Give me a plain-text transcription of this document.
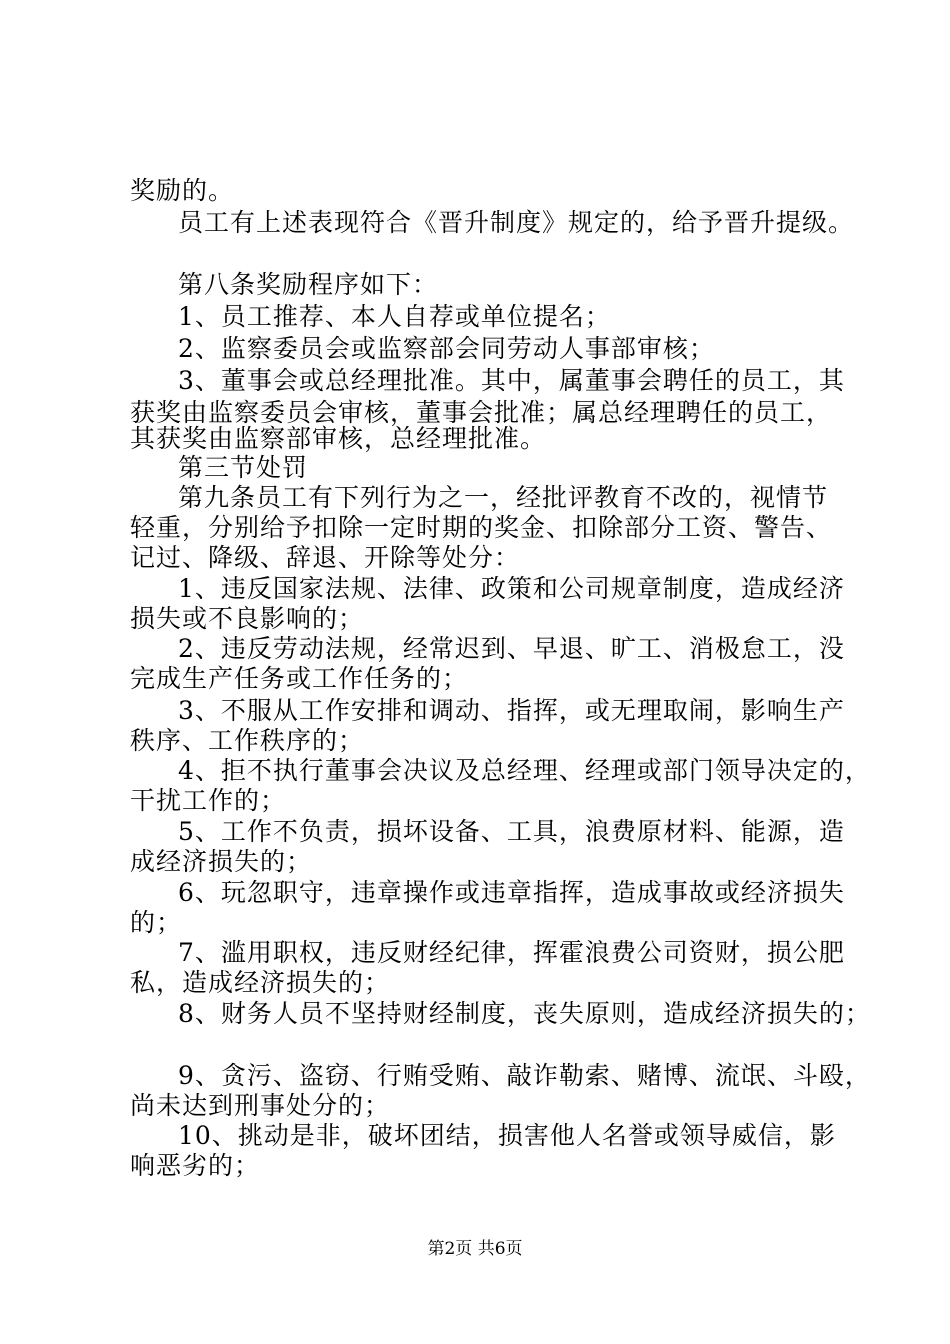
奖励的。
员工有上述表现符合《晋升制度》规定的，给予晋升提级。
第八条奖励程序如下：
1、员工推荐、本人自荐或单位提名；
2、监察委员会或监察部会同劳动人事部审核；
3、董事会或总经理批准。其中，属董事会聘任的员工，其
获奖由监察委员会审核，董事会批准；属总经理聘任的员工，
其获奖由监察部审核，总经理批准。
第三节处罚
第九条员工有下列行为之一，经批评教育不改的，视情节
轻重，分别给予扣除一定时期的奖金、扣除部分工资、警告、
记过、降级、辞退、开除等处分：
1、违反国家法规、法律、政策和公司规章制度，造成经济
损失或不良影响的；
2、违反劳动法规，经常迟到、早退、旷工、消极怠工，没
完成生产任务或工作任务的；
3、不服从工作安排和调动、指挥，或无理取闹，影响生产
秩序、工作秩序的；
4、拒不执行董事会决议及总经理、经理或部门领导决定的，
干扰工作的；
5、工作不负责，损坏设备、工具，浪费原材料、能源，造
成经济损失的；
6、玩忽职守，违章操作或违章指挥，造成事故或经济损失
的；
7、滥用职权，违反财经纪律，挥霍浪费公司资财，损公肥
私，造成经济损失的；
8、财务人员不坚持财经制度，丧失原则，造成经济损失的；
9、贪污、盗窃、行贿受贿、敲诈勒索、赌博、流氓、斗殴，
尚未达到刑事处分的；
10、挑动是非，破坏团结，损害他人名誉或领导威信，影
响恶劣的；
第2页 共6页
